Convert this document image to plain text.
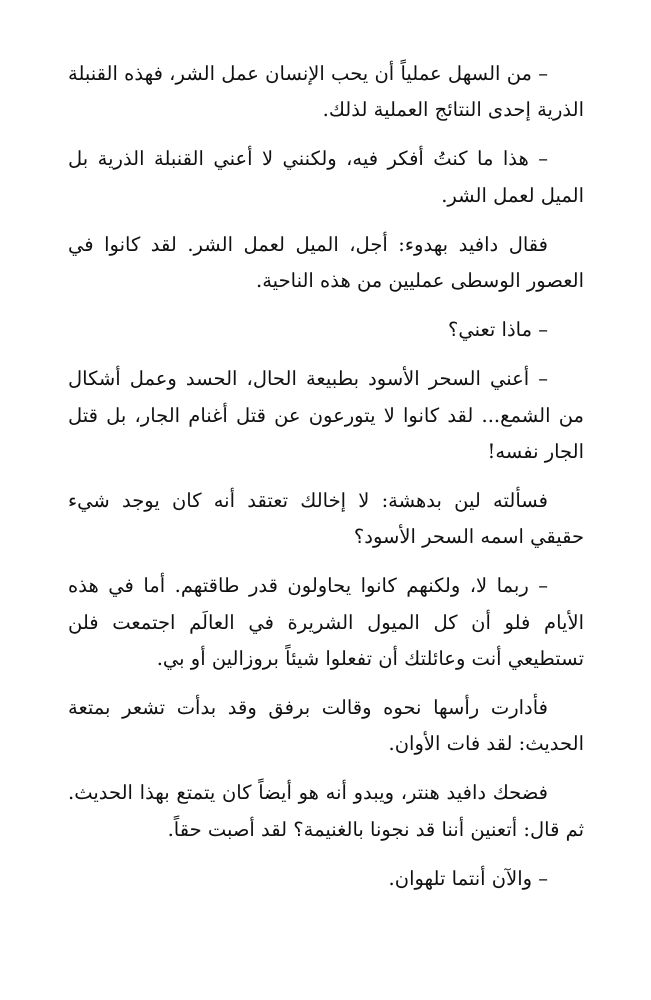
– من السهل عملياً أن يحب الإنسان عمل الشر، فهذه القنبلة الذرية إحدى النتائج العملية لذلك.

– هذا ما كنتُ أفكر فيه، ولكنني لا أعني القنبلة الذرية بل الميل لعمل الشر.

فقال دافيد بهدوء: أجل، الميل لعمل الشر. لقد كانوا في العصور الوسطى عمليين من هذه الناحية.

– ماذا تعني؟

– أعني السحر الأسود بطبيعة الحال، الحسد وعمل أشكال من الشمع... لقد كانوا لا يتورعون عن قتل أغنام الجار، بل قتل الجار نفسه!

فسألته لين بدهشة: لا إخالك تعتقد أنه كان يوجد شيء حقيقي اسمه السحر الأسود؟

– ربما لا، ولكنهم كانوا يحاولون قدر طاقتهم. أما في هذه الأيام فلو أن كل الميول الشريرة في العالَم اجتمعت فلن تستطيعي أنت وعائلتك أن تفعلوا شيئاً بروزالين أو بي.

فأدارت رأسها نحوه وقالت برفق وقد بدأت تشعر بمتعة الحديث: لقد فات الأوان.

فضحك دافيد هنتر، ويبدو أنه هو أيضاً كان يتمتع بهذا الحديث. ثم قال: أتعنين أننا قد نجونا بالغنيمة؟ لقد أصبت حقاً.

– والآن أنتما تلهوان.
